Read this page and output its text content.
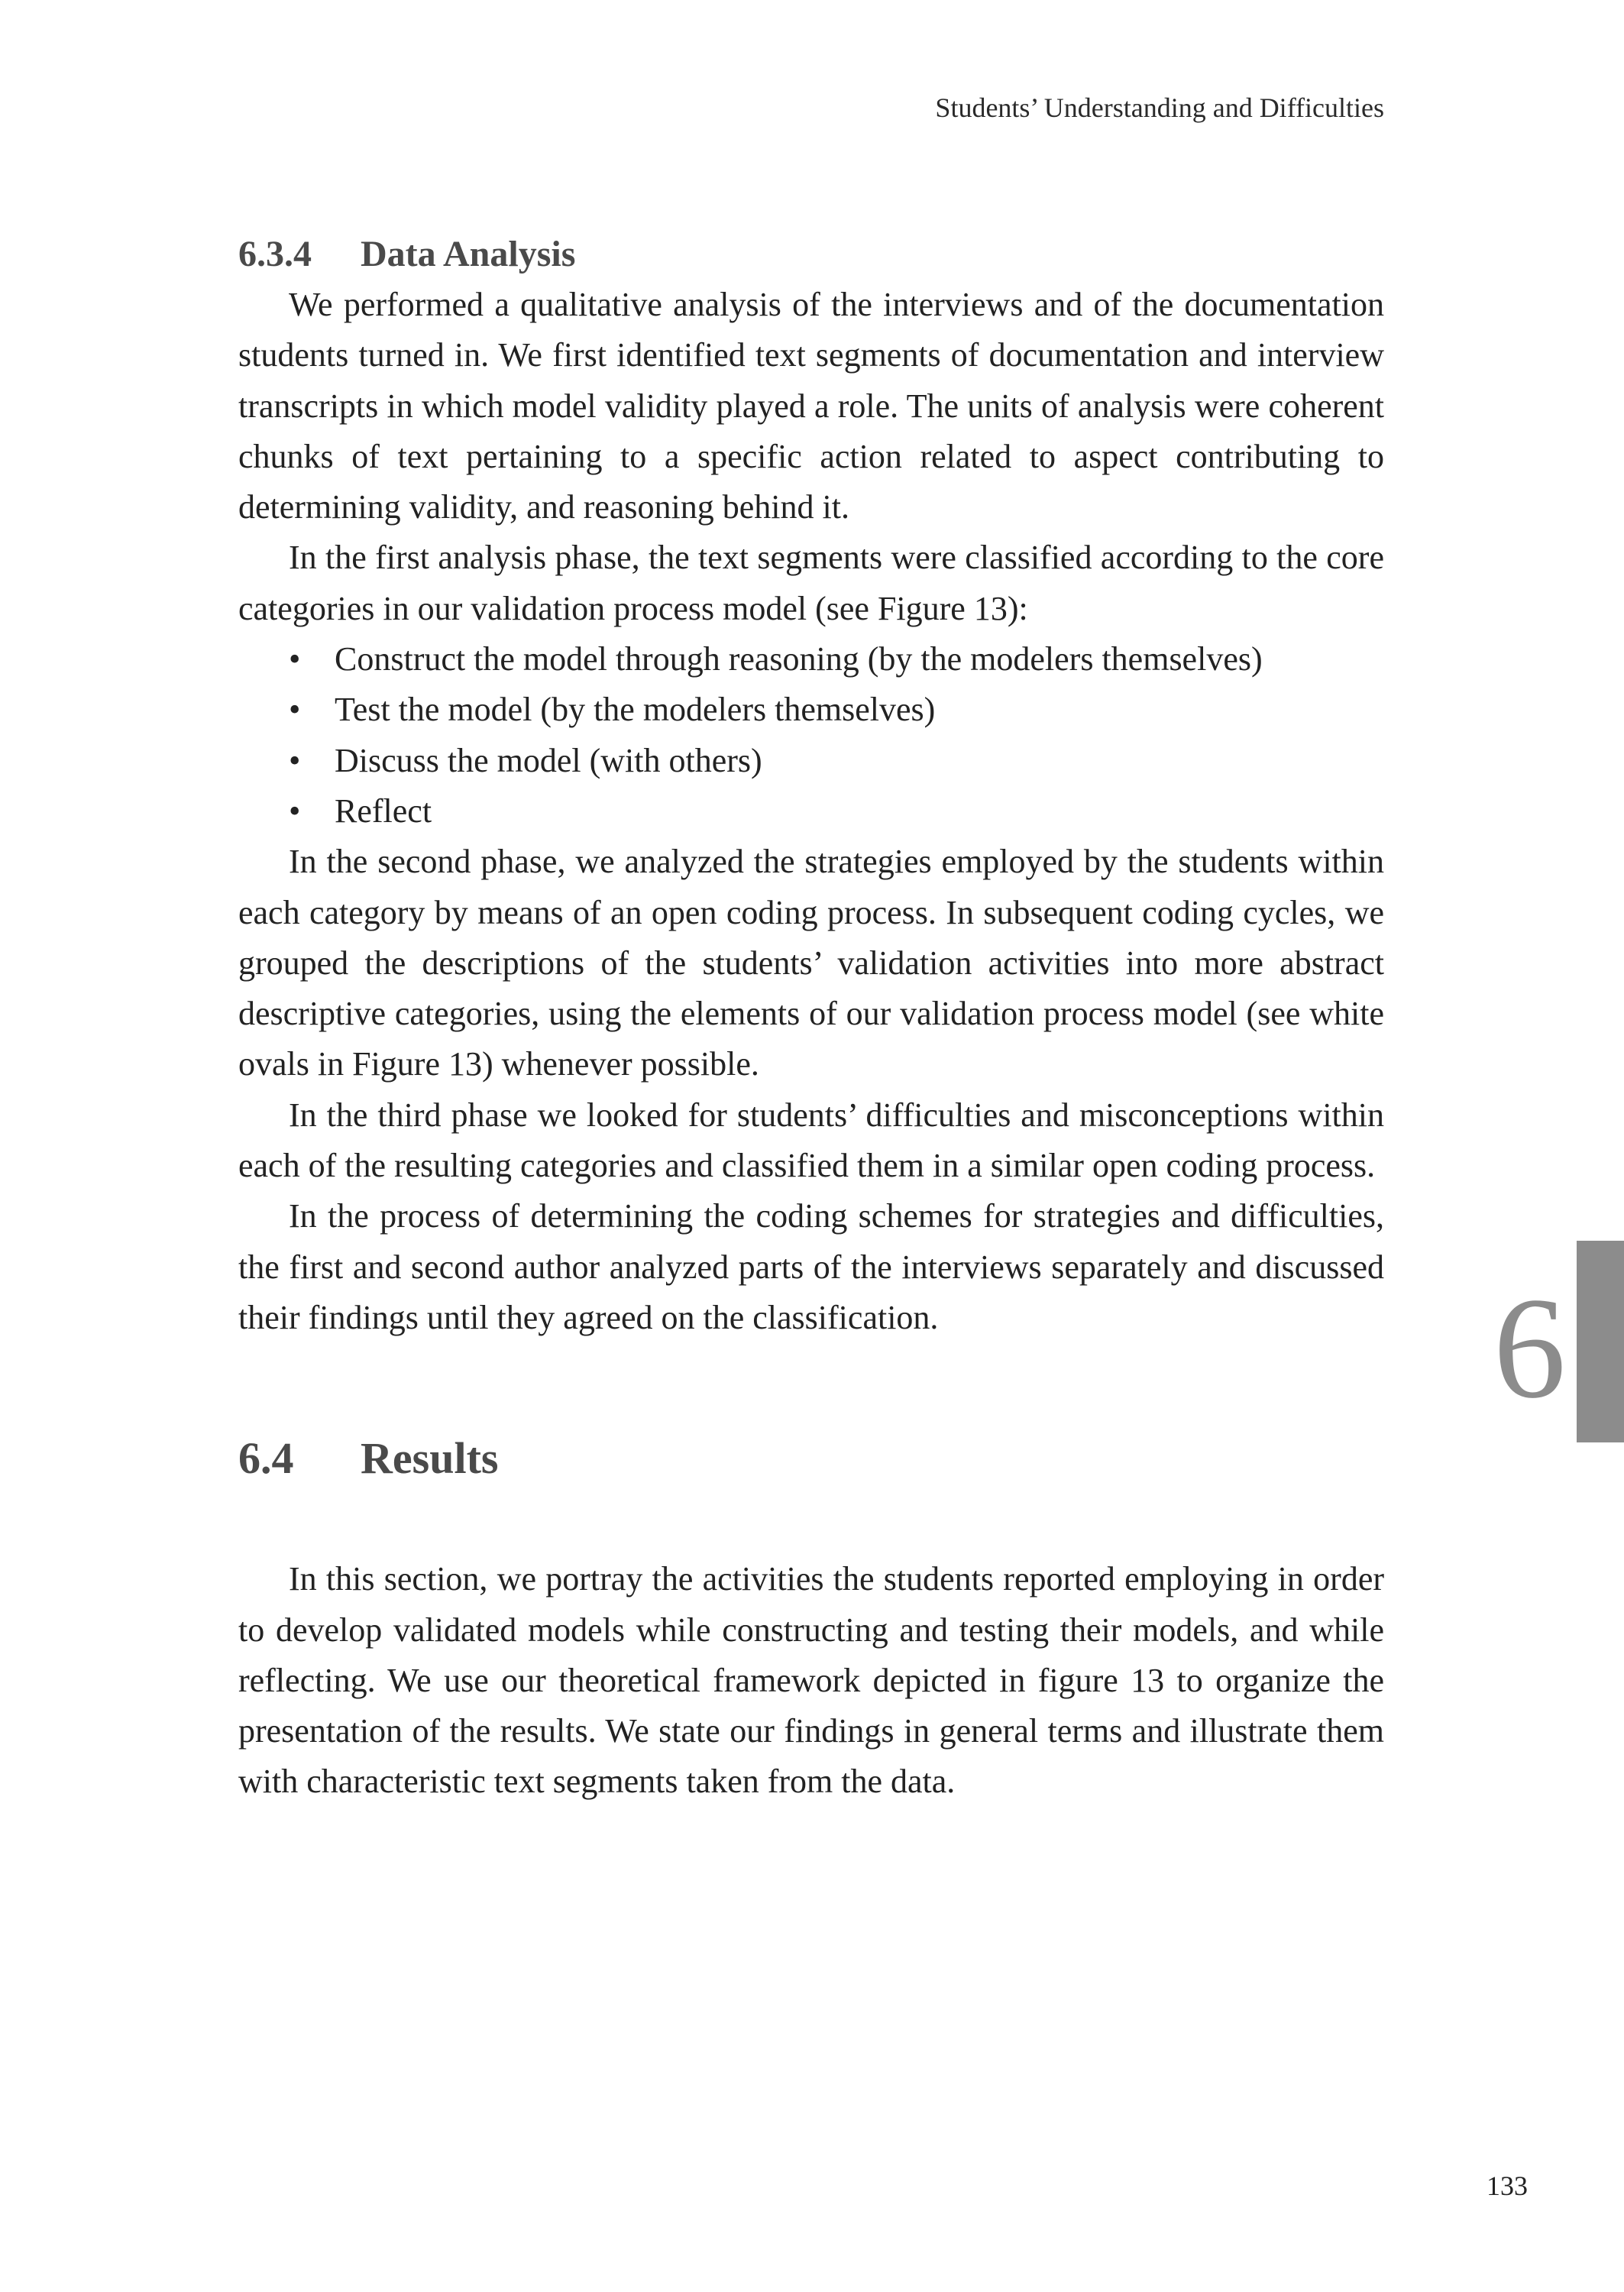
Students’ Understanding and Difficulties
6.3.4 Data Analysis

We performed a qualitative analysis of the interviews and of the documentation students turned in. We first identified text segments of documentation and interview transcripts in which model validity played a role. The units of analysis were coherent chunks of text pertaining to a specific action related to aspect contributing to determining validity, and reasoning behind it.

In the first analysis phase, the text segments were classified according to the core categories in our validation process model (see Figure 13):

• Construct the model through reasoning (by the modelers themselves)
• Test the model (by the modelers themselves)
• Discuss the model (with others)
• Reflect

In the second phase, we analyzed the strategies employed by the students within each category by means of an open coding process. In subsequent coding cycles, we grouped the descriptions of the students’ validation activities into more abstract descriptive categories, using the elements of our validation process model (see white ovals in Figure 13) whenever possible.

In the third phase we looked for students’ difficulties and misconceptions within each of the resulting categories and classified them in a similar open coding process.

In the process of determining the coding schemes for strategies and difficulties, the first and second author analyzed parts of the interviews separately and discussed their findings until they agreed on the classification.

6.4 Results

In this section, we portray the activities the students reported employing in order to develop validated models while constructing and testing their models, and while reflecting. We use our theoretical framework depicted in figure 13 to organize the presentation of the results. We state our findings in general terms and illustrate them with characteristic text segments taken from the data.

6
133
